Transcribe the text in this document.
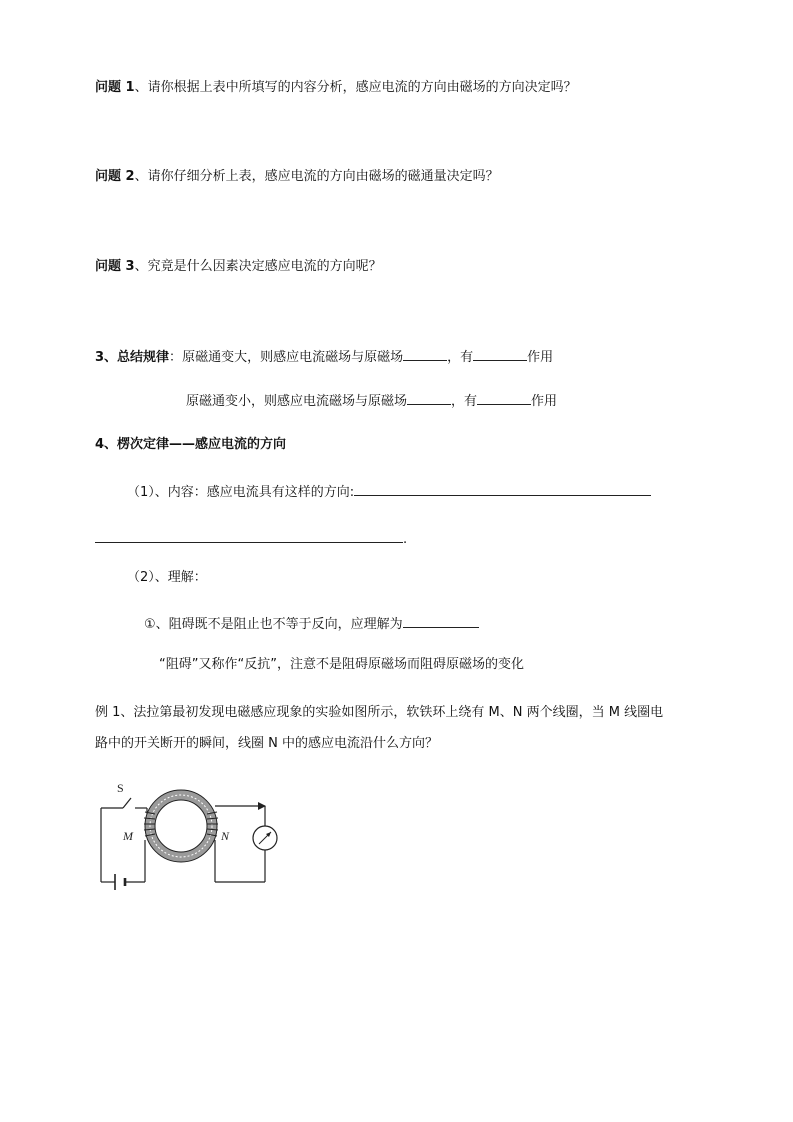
问题 1、请你根据上表中所填写的内容分析，感应电流的方向由磁场的方向决定吗？
问题 2、请你仔细分析上表，感应电流的方向由磁场的磁通量决定吗？
问题 3、究竟是什么因素决定感应电流的方向呢？
3、总结规律：原磁通变大，则感应电流磁场与原磁场	，有	作用
原磁通变小，则感应电流磁场与原磁场	，有	作用
4、楞次定律——感应电流的方向
（1）、内容：感应电流具有这样的方向:
.
（2）、理解：
①、阻碍既不是阻止也不等于反向，应理解为
“阻碍”又称作“反抗”，注意不是阻碍原磁场而阻碍原磁场的变化
例 1、法拉第最初发现电磁感应现象的实验如图所示，软铁环上绕有 M、N 两个线圈，当 M 线圈电
路中的开关断开的瞬间，线圈 N 中的感应电流沿什么方向？
S
M	N
